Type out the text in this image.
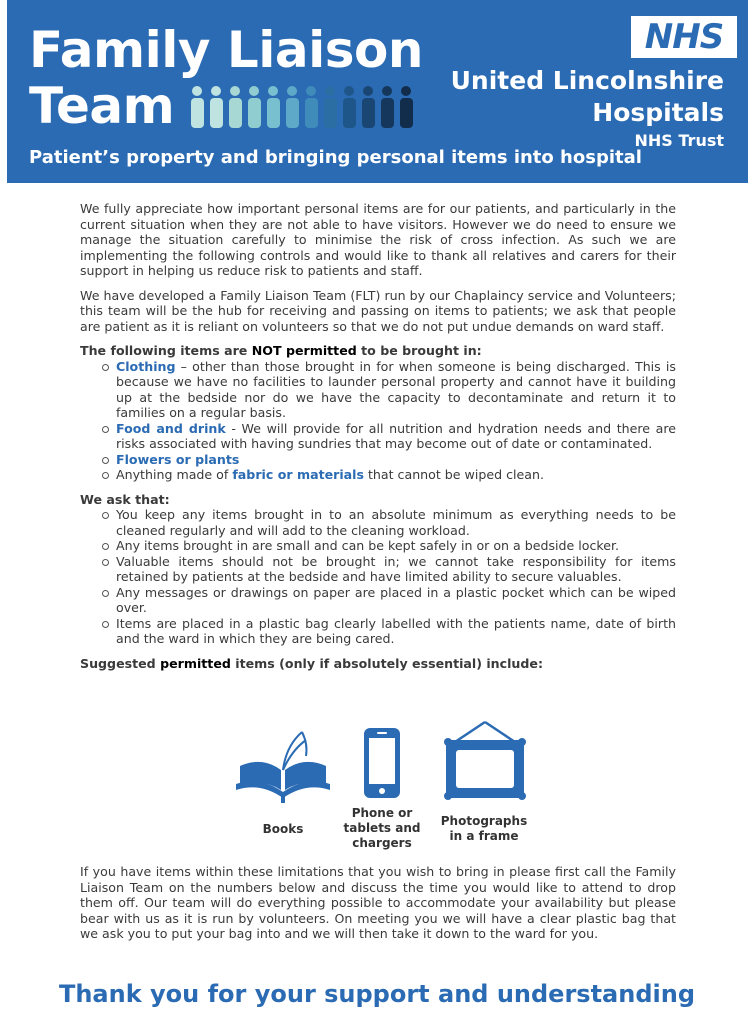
Family Liaison
Team
Patient’s property and bringing personal items into hospital
NHS
United Lincolnshire
Hospitals
NHS Trust

We fully appreciate how important personal items are for our patients, and particularly in the current situation when they are not able to have visitors. However we do need to ensure we manage the situation carefully to minimise the risk of cross infection. As such we are implementing the following controls and would like to thank all relatives and carers for their support in helping us reduce risk to patients and staff.

We have developed a Family Liaison Team (FLT) run by our Chaplaincy service and Volunteers; this team will be the hub for receiving and passing on items to patients; we ask that people are patient as it is reliant on volunteers so that we do not put undue demands on ward staff.

The following items are NOT permitted to be brought in:

Clothing – other than those brought in for when someone is being discharged. This is because we have no facilities to launder personal property and cannot have it building up at the bedside nor do we have the capacity to decontaminate and return it to families on a regular basis.
Food and drink - We will provide for all nutrition and hydration needs and there are risks associated with having sundries that may become out of date or contaminated.
Flowers or plants
Anything made of fabric or materials that cannot be wiped clean.

We ask that:

You keep any items brought in to an absolute minimum as everything needs to be cleaned regularly and will add to the cleaning workload.
Any items brought in are small and can be kept safely in or on a bedside locker.
Valuable items should not be brought in; we cannot take responsibility for items retained by patients at the bedside and have limited ability to secure valuables.
Any messages or drawings on paper are placed in a plastic pocket which can be wiped over.
Items are placed in a plastic bag clearly labelled with the patients name, date of birth and the ward in which they are being cared.

Suggested permitted items (only if absolutely essential) include:

Books
Phone or tablets and chargers
Photographs in a frame

If you have items within these limitations that you wish to bring in please first call the Family Liaison Team on the numbers below and discuss the time you would like to attend to drop them off. Our team will do everything possible to accommodate your availability but please bear with us as it is run by volunteers. On meeting you we will have a clear plastic bag that we ask you to put your bag into and we will then take it down to the ward for you.

Thank you for your support and understanding
